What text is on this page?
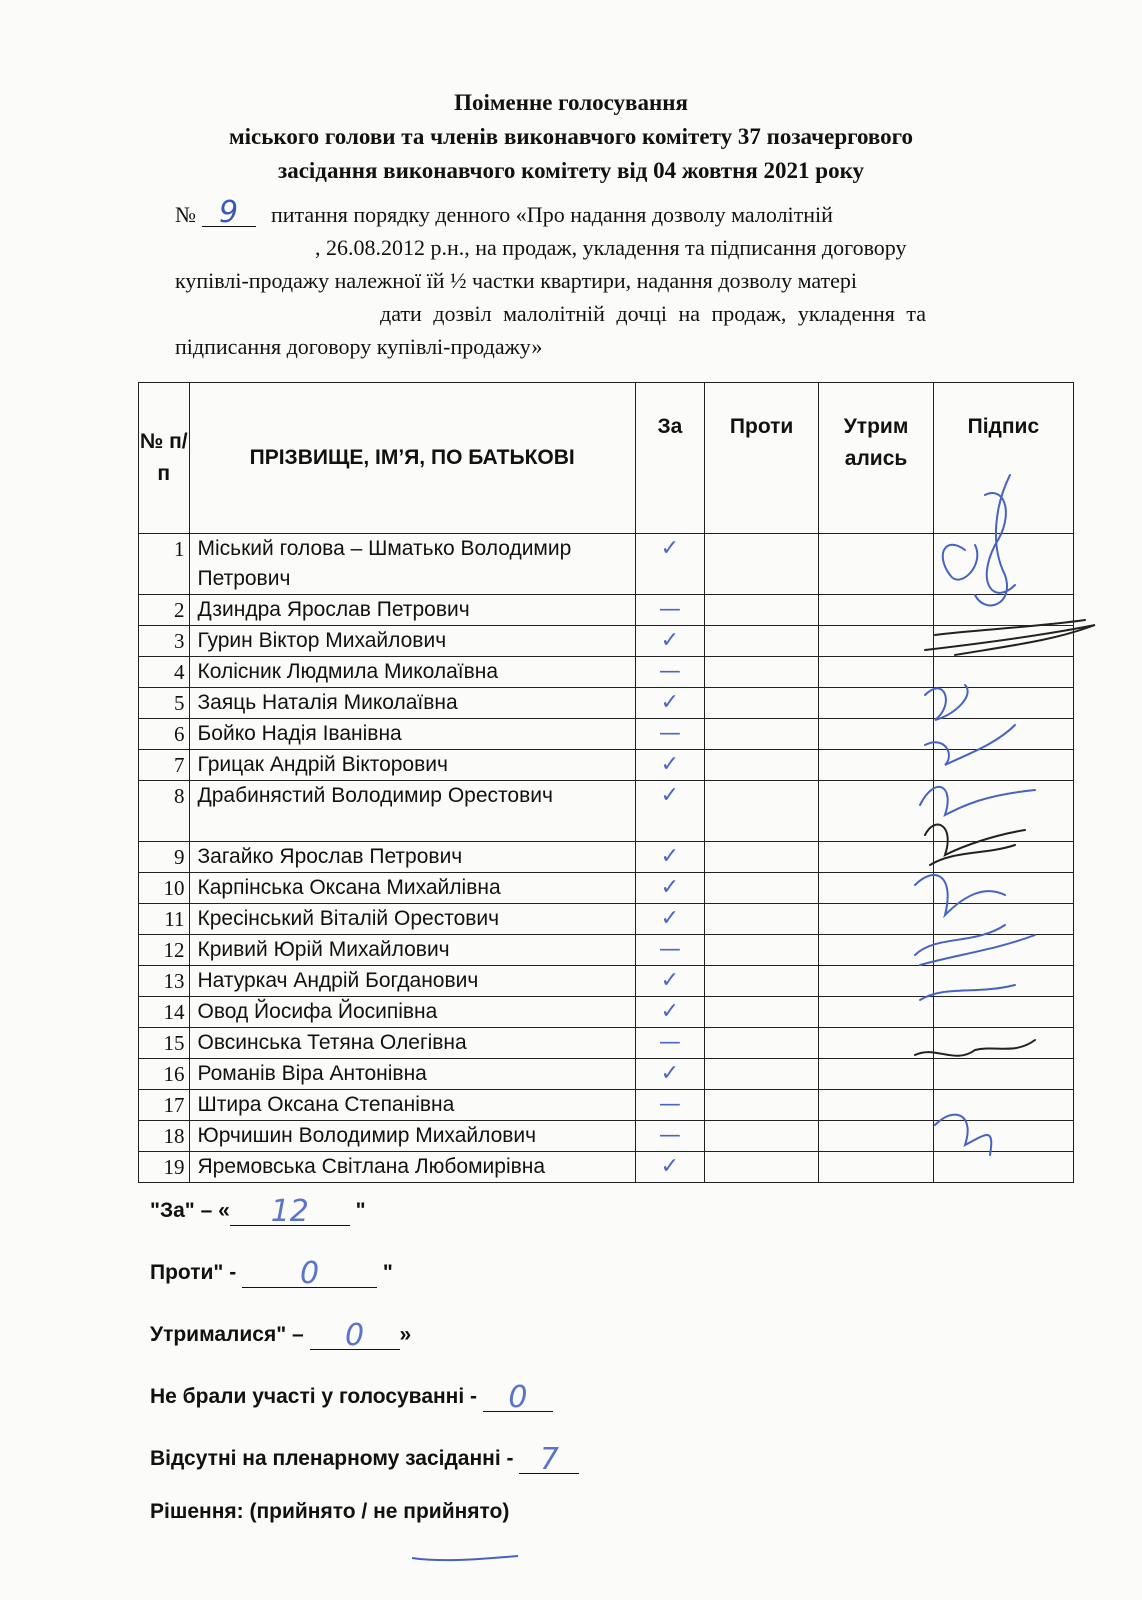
Поіменне голосування
міського голови та членів виконавчого комітету 37 позачергового
засідання виконавчого комітету від 04 жовтня 2021 року
№ 9 питання порядку денного «Про надання дозволу малолітній
, 26.08.2012 р.н., на продаж, укладення та підписання договору
купівлі-продажу належної їй ½ частки квартири, надання дозволу матері
дати дозвіл малолітній дочці на продаж, укладення та
підписання договору купівлі-продажу»
№ п/п	ПРІЗВИЩЕ, ІМ’Я, ПО БАТЬКОВІ	За	Проти	Утрим ались	Підпис
1	Міський голова – Шматько Володимир Петрович	✓			
2	Дзиндра Ярослав Петрович	—			
3	Гурин Віктор Михайлович	✓			
4	Колісник Людмила Миколаївна	—			
5	Заяць Наталія Миколаївна	✓			
6	Бойко Надія Іванівна	—			
7	Грицак Андрій Вікторович	✓			
8	Драбинястий Володимир Орестович	✓			
9	Загайко Ярослав Петрович	✓			
10	Карпінська Оксана Михайлівна	✓			
11	Кресінський Віталій Орестович	✓			
12	Кривий Юрій Михайлович	—			
13	Натуркач Андрій Богданович	✓			
14	Овод Йосифа Йосипівна	✓			
15	Овсинська Тетяна Олегівна	—			
16	Романів Віра Антонівна	✓			
17	Штира Оксана Степанівна	—			
18	Юрчишин Володимир Михайлович	—			
19	Яремовська Світлана Любомирівна	✓			
"За" – « 12 "
Проти" - 0	"
Утрималися" – 0 »
Не брали участі у голосуванні - 0
Відсутні на пленарному засіданні - 7
Рішення: (прийнято / не прийнято)
